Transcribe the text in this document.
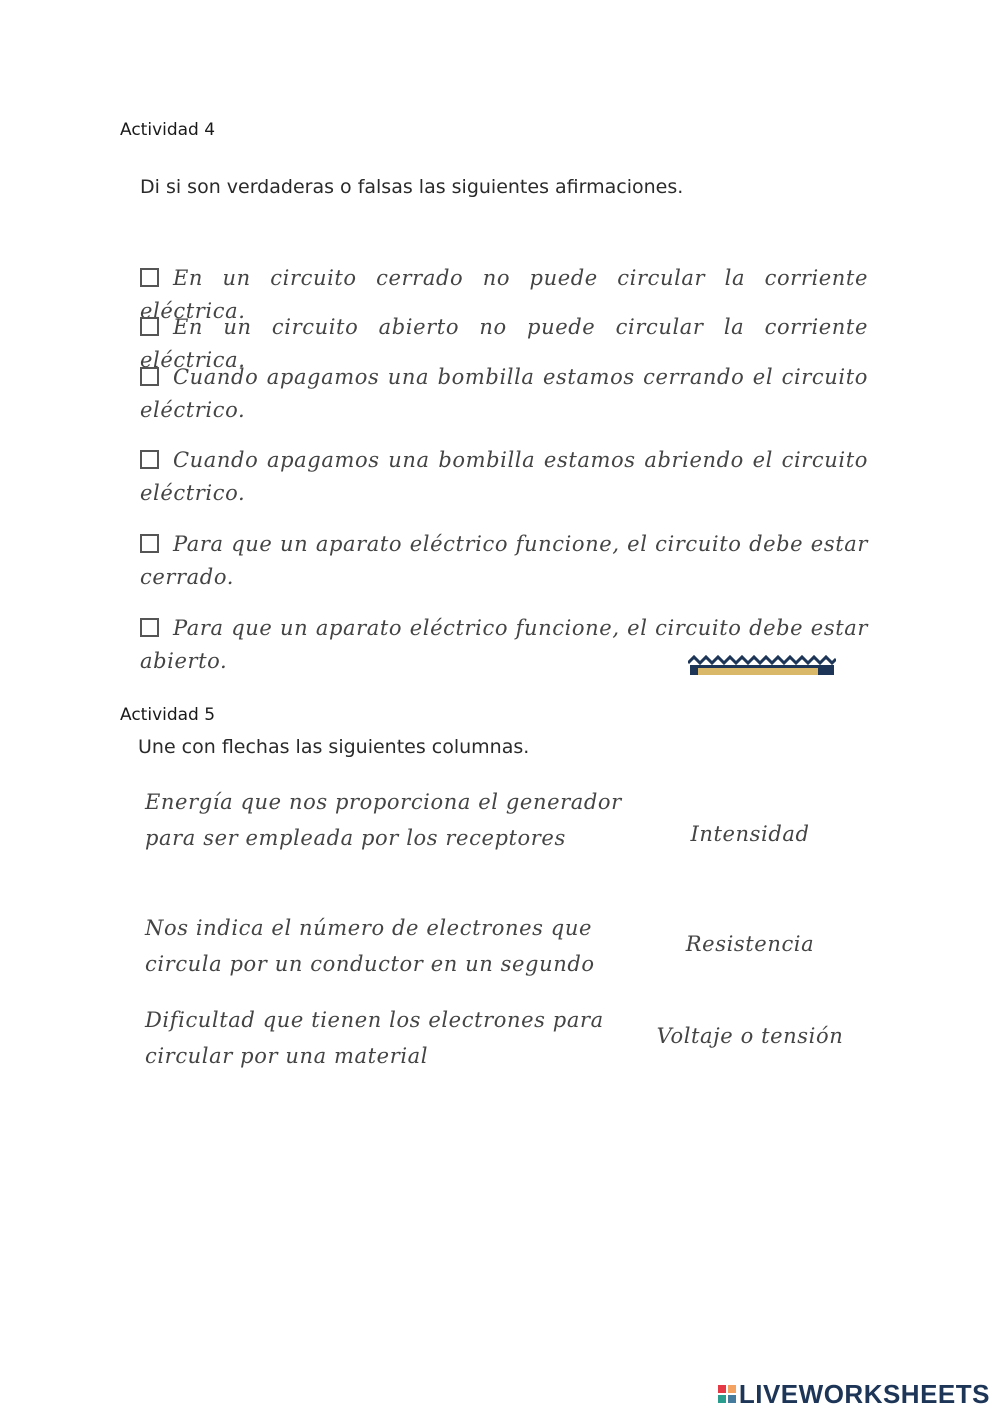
Actividad 4
Di si son verdaderas o falsas las siguientes afirmaciones.
En un circuito cerrado no puede circular la corriente eléctrica.
En un circuito abierto no puede circular la corriente eléctrica.
Cuando apagamos una bombilla estamos cerrando el circuito eléctrico.
Cuando apagamos una bombilla estamos abriendo el circuito eléctrico.
Para que un aparato eléctrico funcione, el circuito debe estar cerrado.
Para que un aparato eléctrico funcione, el circuito debe estar abierto.
Actividad 5
Une con flechas las siguientes columnas.
Energía que nos proporciona el generador para ser empleada por los receptores
Nos indica el número de electrones que circula por un conductor en un segundo
Dificultad que tienen los electrones para circular por una material
Intensidad
Resistencia
Voltaje o tensión
LIVEWORKSHEETS
